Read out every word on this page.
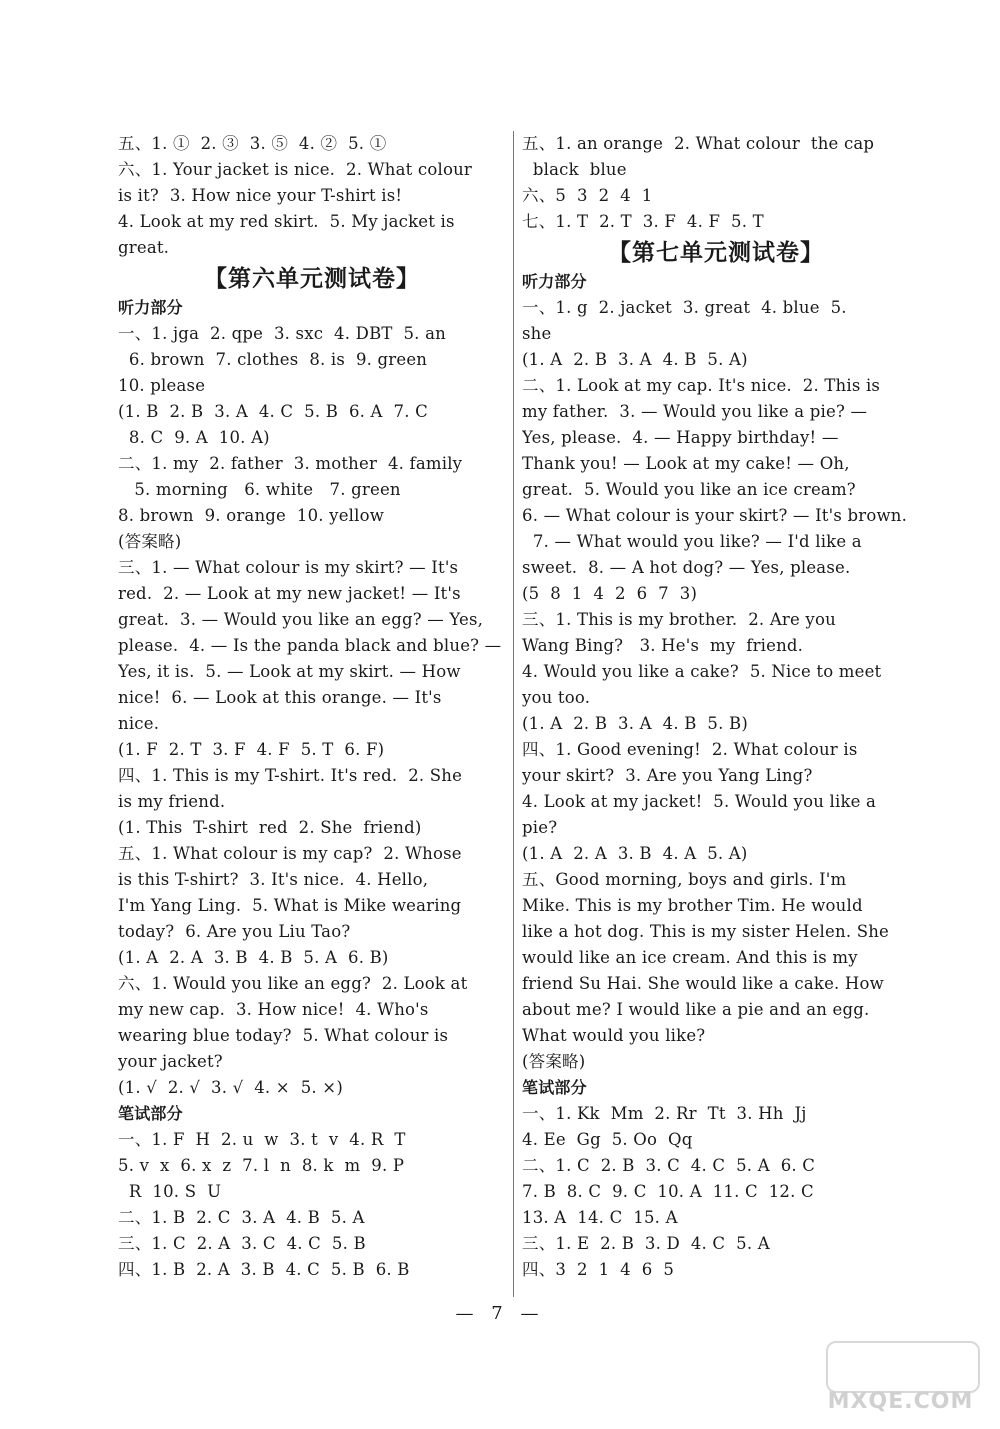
五、1. ①  2. ③  3. ⑤  4. ②  5. ①
六、1. Your jacket is nice.  2. What colour
is it?  3. How nice your T-shirt is!
4. Look at my red skirt.  5. My jacket is
great.
【第六单元测试卷】
听力部分
一、1. jga  2. qpe  3. sxc  4. DBT  5. an
6. brown  7. clothes  8. is  9. green
10. please
(1. B  2. B  3. A  4. C  5. B  6. A  7. C
8. C  9. A  10. A)
二、1. my  2. father  3. mother  4. family
5. morning   6. white   7. green
8. brown  9. orange  10. yellow
(答案略)
三、1. — What colour is my skirt? — It's
red.  2. — Look at my new jacket! — It's
great.  3. — Would you like an egg? — Yes,
please.  4. — Is the panda black and blue? —
Yes, it is.  5. — Look at my skirt. — How
nice!  6. — Look at this orange. — It's
nice.
(1. F  2. T  3. F  4. F  5. T  6. F)
四、1. This is my T-shirt. It's red.  2. She
is my friend.
(1. This  T-shirt  red  2. She  friend)
五、1. What colour is my cap?  2. Whose
is this T-shirt?  3. It's nice.  4. Hello,
I'm Yang Ling.  5. What is Mike wearing
today?  6. Are you Liu Tao?
(1. A  2. A  3. B  4. B  5. A  6. B)
六、1. Would you like an egg?  2. Look at
my new cap.  3. How nice!  4. Who's
wearing blue today?  5. What colour is
your jacket?
(1. √  2. √  3. √  4. ×  5. ×)
笔试部分
一、1. F  H  2. u  w  3. t  v  4. R  T
5. v  x  6. x  z  7. l  n  8. k  m  9. P
R  10. S  U
二、1. B  2. C  3. A  4. B  5. A
三、1. C  2. A  3. C  4. C  5. B
四、1. B  2. A  3. B  4. C  5. B  6. B
五、1. an orange  2. What colour  the cap
black  blue
六、5  3  2  4  1
七、1. T  2. T  3. F  4. F  5. T
【第七单元测试卷】
听力部分
一、1. g  2. jacket  3. great  4. blue  5.
she
(1. A  2. B  3. A  4. B  5. A)
二、1. Look at my cap. It's nice.  2. This is
my father.  3. — Would you like a pie? —
Yes, please.  4. — Happy birthday! —
Thank you! — Look at my cake! — Oh,
great.  5. Would you like an ice cream?
6. — What colour is your skirt? — It's brown.
7. — What would you like? — I'd like a
sweet.  8. — A hot dog? — Yes, please.
(5  8  1  4  2  6  7  3)
三、1. This is my brother.  2. Are you
Wang Bing?   3. He's  my  friend.
4. Would you like a cake?  5. Nice to meet
you too.
(1. A  2. B  3. A  4. B  5. B)
四、1. Good evening!  2. What colour is
your skirt?  3. Are you Yang Ling?
4. Look at my jacket!  5. Would you like a
pie?
(1. A  2. A  3. B  4. A  5. A)
五、Good morning, boys and girls. I'm
Mike. This is my brother Tim. He would
like a hot dog. This is my sister Helen. She
would like an ice cream. And this is my
friend Su Hai. She would like a cake. How
about me? I would like a pie and an egg.
What would you like?
(答案略)
笔试部分
一、1. Kk  Mm  2. Rr  Tt  3. Hh  Jj
4. Ee  Gg  5. Oo  Qq
二、1. C  2. B  3. C  4. C  5. A  6. C
7. B  8. C  9. C  10. A  11. C  12. C
13. A  14. C  15. A
三、1. E  2. B  3. D  4. C  5. A
四、3  2  1  4  6  5
— 7 —
MXQE.COM
